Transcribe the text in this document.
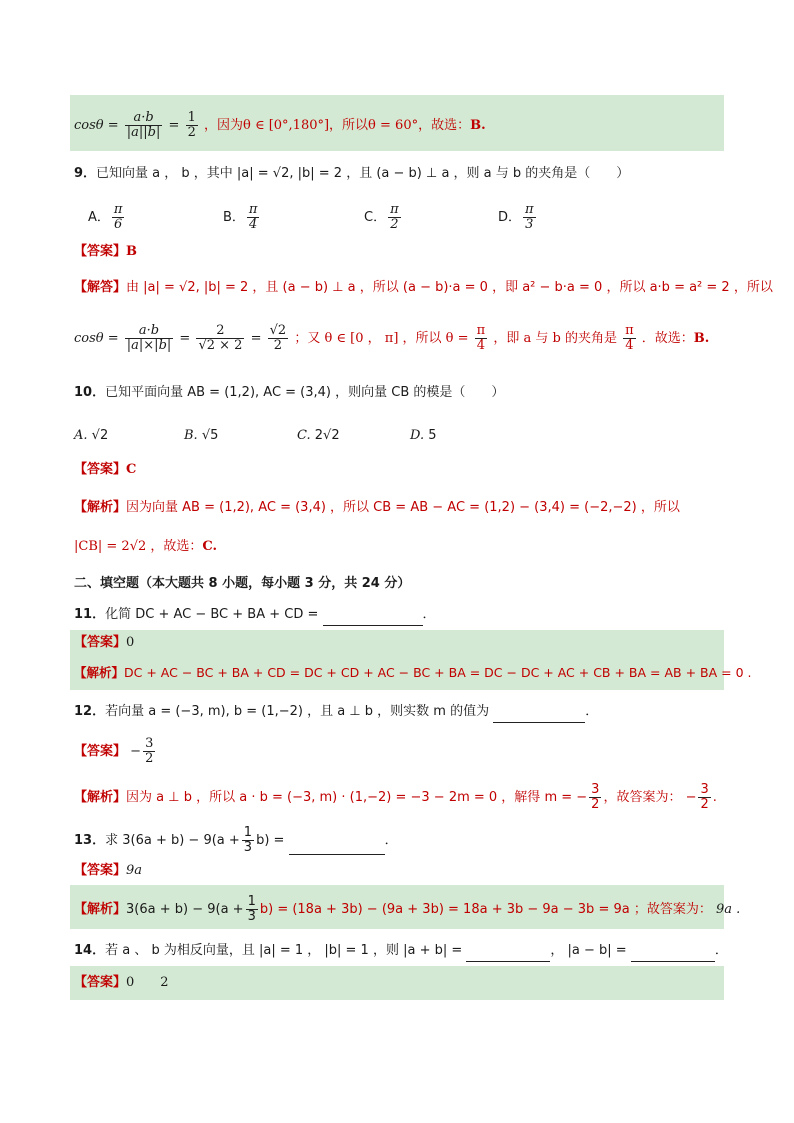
$\cos\theta = \frac{a\cdot b}{|a||b|} = \frac{1}{2}$ ，因为θ ∈ [0°,180°]，所以θ = 60°，故选：B.
9．已知向量 a ， b ，其中 |a| = √2, |b| = 2 ，且 (a − b) ⊥ a ，则 a 与 b 的夹角是（　　）
A． $\frac{\pi}{6}$	B． $\frac{\pi}{4}$	C． $\frac{\pi}{2}$	D． $\frac{\pi}{3}$
【答案】B
【解答】由 |a| = √2, |b| = 2 ，且 (a − b) ⊥ a ，所以 (a − b)·a = 0 ，即 a² − b·a = 0 ，所以 a·b = a² = 2 ，所以
$\cos\theta = \frac{a\cdot b}{|a|\times|b|} = \frac{2}{√2 \times 2} = \frac{√2}{2}$ ；又 θ ∈ [0 ， π] ，所以 $\theta = \frac{\pi}{4}$ ，即 a 与 b 的夹角是 $\frac{\pi}{4}$ ．故选：B.
10．已知平面向量 AB = (1,2), AC = (3,4) ，则向量 CB 的模是（　　）
A. √2	B. √5	C. 2√2	D. 5
【答案】C
【解析】因为向量 AB = (1,2), AC = (3,4) ，所以 CB = AB − AC = (1,2) − (3,4) = (−2,−2) ，所以
|CB| = 2√2 ，故选：C.
二、填空题（本大题共 8 小题，每小题 3 分，共 24 分）
11．化简 DC + AC − BC + BA + CD =	．
【答案】0
【解析】DC + AC − BC + BA + CD = DC + CD + AC − BC + BA = DC − DC + AC + CB + BA = AB + BA = 0 .
12．若向量 a = (−3, m), b = (1,−2) ，且 a ⊥ b ，则实数 m 的值为	．
【答案】 − $\frac{3}{2}$
【解析】因为 a ⊥ b ，所以 a · b = (−3, m) · (1,−2) = −3 − 2m = 0 ，解得 m = − $\frac{3}{2}$ ，故答案为： − $\frac{3}{2}$ .
13．求 $3(6a + b) - 9(a + \frac{1}{3} b)$ =	．
【答案】9a
【解析】$3(6a + b) - 9(a + \frac{1}{3} b) = (18a + 3b) - (9a + 3b) = 18a + 3b - 9a - 3b = 9a$ ；故答案为： 9a .
14．若 a 、 b 为相反向量，且 |a| = 1 ， |b| = 1 ，则 |a + b| =	， |a − b| =	．
【答案】0　　2
